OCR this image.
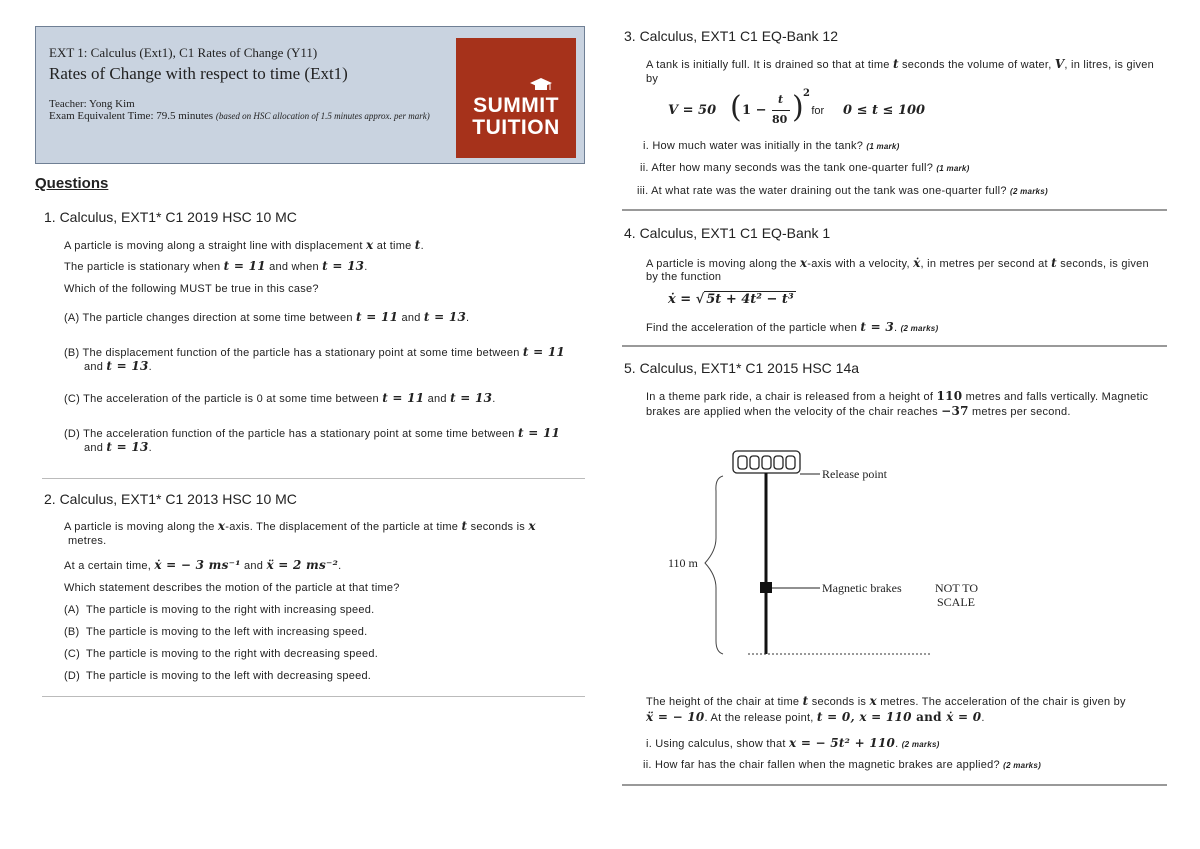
EXT 1: Calculus (Ext1), C1 Rates of Change (Y11)
Rates of Change with respect to time (Ext1)
Teacher: Yong Kim
Exam Equivalent Time: 79.5 minutes (based on HSC allocation of 1.5 minutes approx. per mark)	SUMMIT
TUITION
Questions
1. Calculus, EXT1* C1 2019 HSC 10 MC
A particle is moving along a straight line with displacement x at time t.
The particle is stationary when t = 11 and when t = 13.
Which of the following MUST be true in this case?
(A) The particle changes direction at some time between t = 11 and t = 13.
(B) The displacement function of the particle has a stationary point at some time between t = 11
and t = 13.
(C) The acceleration of the particle is 0 at some time between t = 11 and t = 13.
(D) The acceleration function of the particle has a stationary point at some time between t = 11
and t = 13.
2. Calculus, EXT1* C1 2013 HSC 10 MC
A particle is moving along the x-axis. The displacement of the particle at time t seconds is x
metres.
At a certain time, ẋ = − 3 ms⁻¹ and ẍ = 2 ms⁻².
Which statement describes the motion of the particle at that time?
(A) The particle is moving to the right with increasing speed.
(B) The particle is moving to the left with increasing speed.
(C) The particle is moving to the right with decreasing speed.
(D) The particle is moving to the left with decreasing speed.
3. Calculus, EXT1 C1 EQ-Bank 12
A tank is initially full. It is drained so that at time t seconds the volume of water, V, in litres, is given
by
V = 50 ( 1 −
t
80 ) 2
for 0 ≤ t ≤ 100
i. How much water was initially in the tank? (1 mark)
ii. After how many seconds was the tank one-quarter full? (1 mark)
iii. At what rate was the water draining out the tank was one-quarter full? (2 marks)
4. Calculus, EXT1 C1 EQ-Bank 1
A particle is moving along the x-axis with a velocity, ẋ, in metres per second at t seconds, is given
by the function
ẋ = √ 5t + 4t² − t³
Find the acceleration of the particle when t = 3. (2 marks)
5. Calculus, EXT1* C1 2015 HSC 14a
In a theme park ride, a chair is released from a height of 110 metres and falls vertically. Magnetic
brakes are applied when the velocity of the chair reaches −37 metres per second.
Release point
Magnetic brakes	NOT TO
SCALE
110 m
The height of the chair at time t seconds is x metres. The acceleration of the chair is given by
ẍ = − 10. At the release point, t = 0, x = 110 and ẋ = 0.
i. Using calculus, show that x = − 5t² + 110. (2 marks)
ii. How far has the chair fallen when the magnetic brakes are applied? (2 marks)
